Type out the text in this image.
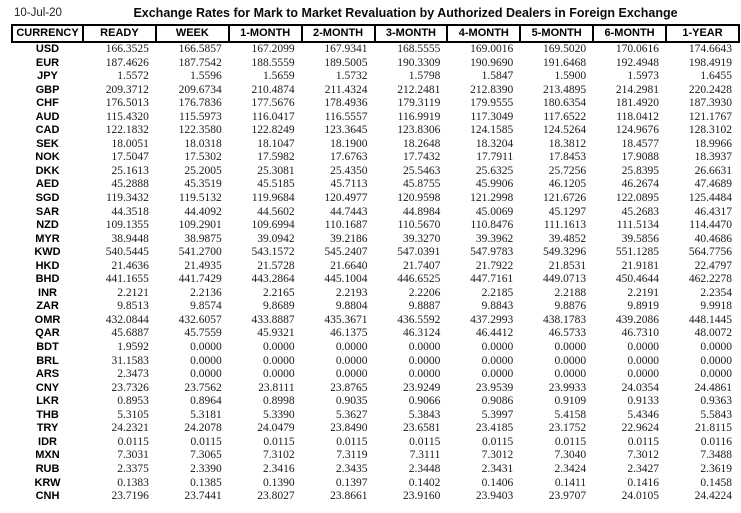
10-Jul-20	Exchange Rates for Mark to Market Revaluation by Authorized Dealers in Foreign Exchange
CURRENCY	READY	WEEK	1-MONTH	2-MONTH	3-MONTH	4-MONTH	5-MONTH	6-MONTH	1-YEAR
USD	166.3525	166.5857	167.2099	167.9341	168.5555	169.0016	169.5020	170.0616	174.6643
EUR	187.4626	187.7542	188.5559	189.5005	190.3309	190.9690	191.6468	192.4948	198.4919
JPY	1.5572	1.5596	1.5659	1.5732	1.5798	1.5847	1.5900	1.5973	1.6455
GBP	209.3712	209.6734	210.4874	211.4324	212.2481	212.8390	213.4895	214.2981	220.2428
CHF	176.5013	176.7836	177.5676	178.4936	179.3119	179.9555	180.6354	181.4920	187.3930
AUD	115.4320	115.5973	116.0417	116.5557	116.9919	117.3049	117.6522	118.0412	121.1767
CAD	122.1832	122.3580	122.8249	123.3645	123.8306	124.1585	124.5264	124.9676	128.3102
SEK	18.0051	18.0318	18.1047	18.1900	18.2648	18.3204	18.3812	18.4577	18.9966
NOK	17.5047	17.5302	17.5982	17.6763	17.7432	17.7911	17.8453	17.9088	18.3937
DKK	25.1613	25.2005	25.3081	25.4350	25.5463	25.6325	25.7256	25.8395	26.6631
AED	45.2888	45.3519	45.5185	45.7113	45.8755	45.9906	46.1205	46.2674	47.4689
SGD	119.3432	119.5132	119.9684	120.4977	120.9598	121.2998	121.6726	122.0895	125.4484
SAR	44.3518	44.4092	44.5602	44.7443	44.8984	45.0069	45.1297	45.2683	46.4317
NZD	109.1355	109.2901	109.6994	110.1687	110.5670	110.8476	111.1613	111.5134	114.4470
MYR	38.9448	38.9875	39.0942	39.2186	39.3270	39.3962	39.4852	39.5856	40.4686
KWD	540.5445	541.2700	543.1572	545.2407	547.0391	547.9783	549.3296	551.1285	564.7756
HKD	21.4636	21.4935	21.5728	21.6640	21.7407	21.7922	21.8531	21.9181	22.4797
BHD	441.1655	441.7429	443.2864	445.1004	446.6525	447.7161	449.0713	450.4644	462.2278
INR	2.2121	2.2136	2.2165	2.2193	2.2206	2.2185	2.2188	2.2191	2.2354
ZAR	9.8513	9.8574	9.8689	9.8804	9.8887	9.8843	9.8876	9.8919	9.9918
OMR	432.0844	432.6057	433.8887	435.3671	436.5592	437.2993	438.1783	439.2086	448.1445
QAR	45.6887	45.7559	45.9321	46.1375	46.3124	46.4412	46.5733	46.7310	48.0072
BDT	1.9592	0.0000	0.0000	0.0000	0.0000	0.0000	0.0000	0.0000	0.0000
BRL	31.1583	0.0000	0.0000	0.0000	0.0000	0.0000	0.0000	0.0000	0.0000
ARS	2.3473	0.0000	0.0000	0.0000	0.0000	0.0000	0.0000	0.0000	0.0000
CNY	23.7326	23.7562	23.8111	23.8765	23.9249	23.9539	23.9933	24.0354	24.4861
LKR	0.8953	0.8964	0.8998	0.9035	0.9066	0.9086	0.9109	0.9133	0.9363
THB	5.3105	5.3181	5.3390	5.3627	5.3843	5.3997	5.4158	5.4346	5.5843
TRY	24.2321	24.2078	24.0479	23.8490	23.6581	23.4185	23.1752	22.9624	21.8115
IDR	0.0115	0.0115	0.0115	0.0115	0.0115	0.0115	0.0115	0.0115	0.0116
MXN	7.3031	7.3065	7.3102	7.3119	7.3111	7.3012	7.3040	7.3012	7.3488
RUB	2.3375	2.3390	2.3416	2.3435	2.3448	2.3431	2.3424	2.3427	2.3619
KRW	0.1383	0.1385	0.1390	0.1397	0.1402	0.1406	0.1411	0.1416	0.1458
CNH	23.7196	23.7441	23.8027	23.8661	23.9160	23.9403	23.9707	24.0105	24.4224
